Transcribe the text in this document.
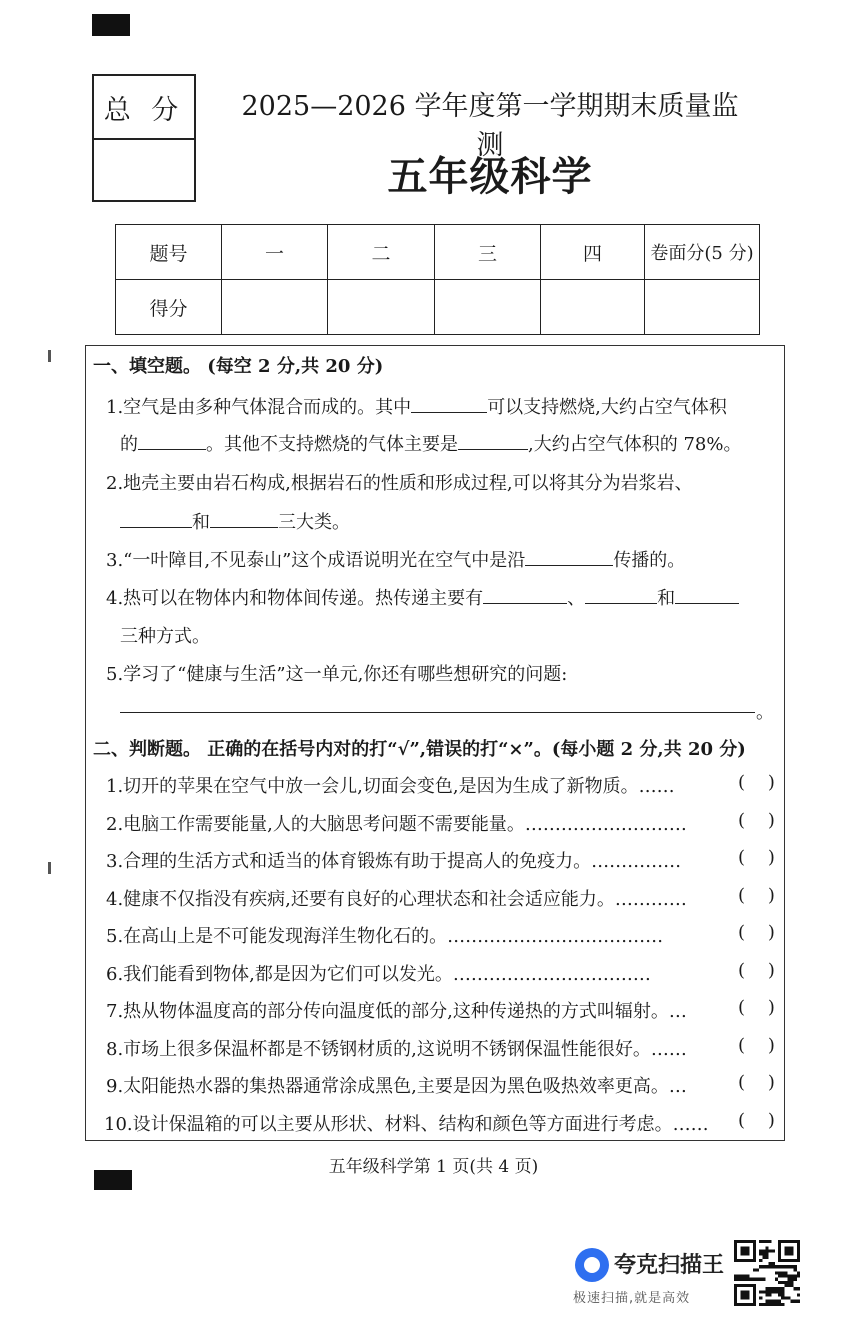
总 分	2025—2026 学年度第一学期期末质量监测
五年级科学
题号	一	二	三	四	卷面分(5 分)
得分					
一、填空题。 (每空 2 分,共 20 分)
1.空气是由多种气体混合而成的。其中	可以支持燃烧,大约占空气体积
的	。其他不支持燃烧的气体主要是	,大约占空气体积的 78%。
2.地壳主要由岩石构成,根据岩石的性质和形成过程,可以将其分为岩浆岩、
和	三大类。
3.“一叶障目,不见泰山”这个成语说明光在空气中是沿	传播的。
4.热可以在物体内和物体间传递。热传递主要有	、	和
三种方式。
5.学习了“健康与生活”这一单元,你还有哪些想研究的问题:
。
二、判断题。 正确的在括号内对的打“√”,错误的打“×”。(每小题 2 分,共 20 分)
1.切开的苹果在空气中放一会儿,切面会变色,是因为生成了新物质。……	(    )
2.电脑工作需要能量,人的大脑思考问题不需要能量。………………………	(    )
3.合理的生活方式和适当的体育锻炼有助于提高人的免疫力。……………	(    )
4.健康不仅指没有疾病,还要有良好的心理状态和社会适应能力。…………	(    )
5.在高山上是不可能发现海洋生物化石的。………………………………	(    )
6.我们能看到物体,都是因为它们可以发光。……………………………	(    )
7.热从物体温度高的部分传向温度低的部分,这种传递热的方式叫辐射。…	(    )
8.市场上很多保温杯都是不锈钢材质的,这说明不锈钢保温性能很好。……	(    )
9.太阳能热水器的集热器通常涂成黑色,主要是因为黑色吸热效率更高。…	(    )
10.设计保温箱的可以主要从形状、材料、结构和颜色等方面进行考虑。…… (    )
五年级科学第 1 页(共 4 页)
夸克扫描王
极速扫描,就是高效
